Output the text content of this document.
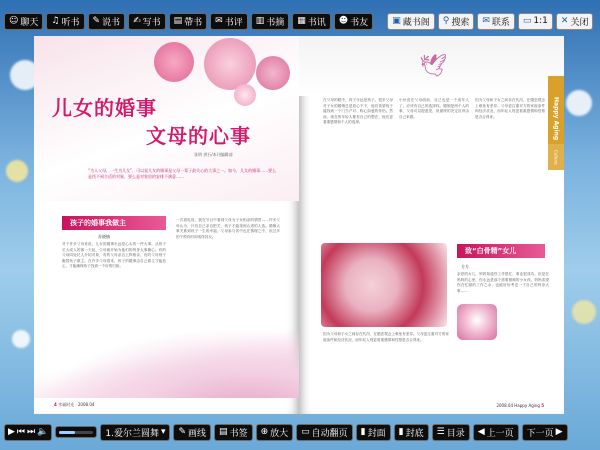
☺ 聊天 ♫ 听书 ✎ 说书 ✍ 写书 ▤ 帶书 ✉ 书评 ▥ 书摘 ▦ 书讯 ☻ 书友	▣ 藏书阁 ⚲ 搜索 ✉ 联系 ▭ 1:1 ✕ 关闭
儿女的婚事
文母的心事
张明 供石/本刊编辑部
“为人父母，一生为儿女”，可以说儿女的婚事是父母一辈子最关心的大事之一。如今，儿女的婚事……要么是找不到合适的对象，要么是对家里的安排不满意……
孩子的婚事我做主
苏晓楠
对于许多父母来说，儿女的婚事永远是心头的一件大事。从孩子长大成人的那一天起，父母就开始为他们的终身大事操心。有的父母四处托人介绍对象，有的父母亲自上阵相亲，有的父母则干脆替孩子做主。在许多父母看来，孩子的婚事由自己做主才能放心，才能确保孩子找到一个好的归宿。
一次看电视，我在节目中看到父母为子女相亲的情景……许多父母认为，只有自己亲自把关，孩子才能找到合适的人选。婚姻大事关系到孩子一生的幸福，父母参与其中也在情理之中，但过多的干预有时却适得其反。
4 幸福时光 · 2008.04
🕊
Happy Aging
Culture
在父母的眼中，孩子永远是孩子。很多父母对子女的婚姻总是放心不下，他们希望孩子能找到一个门当户对、称心如意的伴侣。然而，现在的年轻人都有自己的想法，他们更看重感情和个人的选择。
小伙说在父母面前，自己也是一个成年人了，应该有自己的选择权。婚姻是两个人的事，父母可以提意见，但最终的决定应该由自己来做。
因为父母和子女之间存在代沟，在婚恋观念上难免有差异。父母更注重对方的家庭条件和经济状况，而年轻人则更看重感情和性格是否合得来。
致“白骨精”女儿
方方
亲爱的女儿，妈妈知道你工作很忙，事业很成功。但是在妈妈的心里，你永远是那个需要照顾的小女孩。妈妈希望你在忙碌的工作之余，也能好好考虑一下自己的终身大事……
因为父母和子女之间存在代沟，在婚恋观念上难免有差异。父母更注重对方的家庭条件和经济状况，而年轻人则更看重感情和性格是否合得来。
2008.04 Happy Aging 5
▶ ⏮ ⏭ 🔈	1.爱尔兰圆舞 ▾ ✎ 画线 ▤ 书签 ⊕ 放大 ▭ 自动翻页 ▮ 封面 ▮ 封底 ☰ 目录 ◀ 上一页 下一页 ▶
